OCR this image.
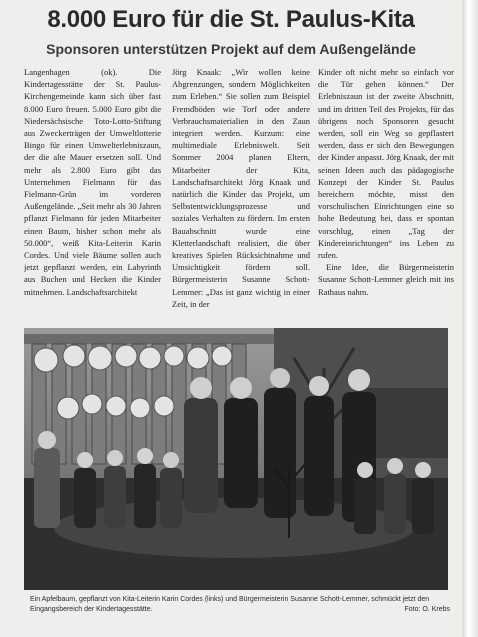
8.000 Euro für die St. Paulus-Kita
Sponsoren unterstützen Projekt auf dem Außengelände

Langenhagen (ok). Die Kindertagesstätte der St. Paulus-Kirchengemeinde kann sich über fast 8.000 Euro freuen. 5.000 Euro gibt die Niedersächsische Toto-Lotto-Stiftung aus Zweckerträgen der Umweltlotterie Bingo für einen Umwelterlebniszaun, der die alte Mauer ersetzen soll. Und mehr als 2.800 Euro gibt das Unternehmen Fielmann für das Fielmann-Grün im vorderen Außengelände. „Seit mehr als 30 Jahren pflanzt Fielmann für jeden Mitarbeiter einen Baum, bisher schon mehr als 50.000“, weiß Kita-Leiterin Karin Cordes. Und viele Bäume sollen auch jetzt gepflanzt werden, ein Labyrinth aus Buchen und Hecken die Kinder mitnehmen. Landschaftsarchitekt

Jörg Knaak: „Wir wollen keine Abgrenzungen, sondern Möglichkeiten zum Erleben.“ Sie sollen zum Beispiel Fremdböden wie Torf oder andere Verbrauchsmaterialien in den Zaun integriert werden. Kurzum: eine multimediale Erlebniswelt. Seit Sommer 2004 planen Eltern, Mitarbeiter der Kita, Landschaftsarchitekt Jörg Knaak und natürlich die Kinder das Projekt, um Selbstentwicklungsprozesse und soziales Verhalten zu fördern. Im ersten Bauabschnitt wurde eine Kletterlandschaft realisiert, die über kreatives Spielen Rücksichtnahme und Umsichtigkeit fördern soll. Bürgermeisterin Susanne Schott-Lemmer: „Das ist ganz wichtig in einer Zeit, in der

Kinder oft nicht mehr so einfach vor die Tür gehen können.“ Der Erlebniszaun ist der zweite Abschnitt, und im dritten Teil des Projekts, für das übrigens noch Sponsoren gesucht werden, soll ein Weg so gepflastert werden, dass er sich den Bewegungen der Kinder anpasst. Jörg Knaak, der mit seinen Ideen auch das pädagogische Konzept der Kinder St. Paulus bereichern möchte, misst den vorschulischen Einrichtungen eine so hohe Bedeutung bei, dass er spontan vorschlug, einen „Tag der Kindereinrichtungen“ ins Leben zu rufen.

Eine Idee, die Bürgermeisterin Susanne Schott-Lemmer gleich mit ins Rathaus nahm.

Ein Apfelbaum, gepflanzt von Kita-Leiterin Karin Cordes (links) und Bürgermeisterin Susanne Schott-Lemmer, schmückt jetzt den Eingangsbereich der Kindertagesstätte.	Foto: O. Krebs
